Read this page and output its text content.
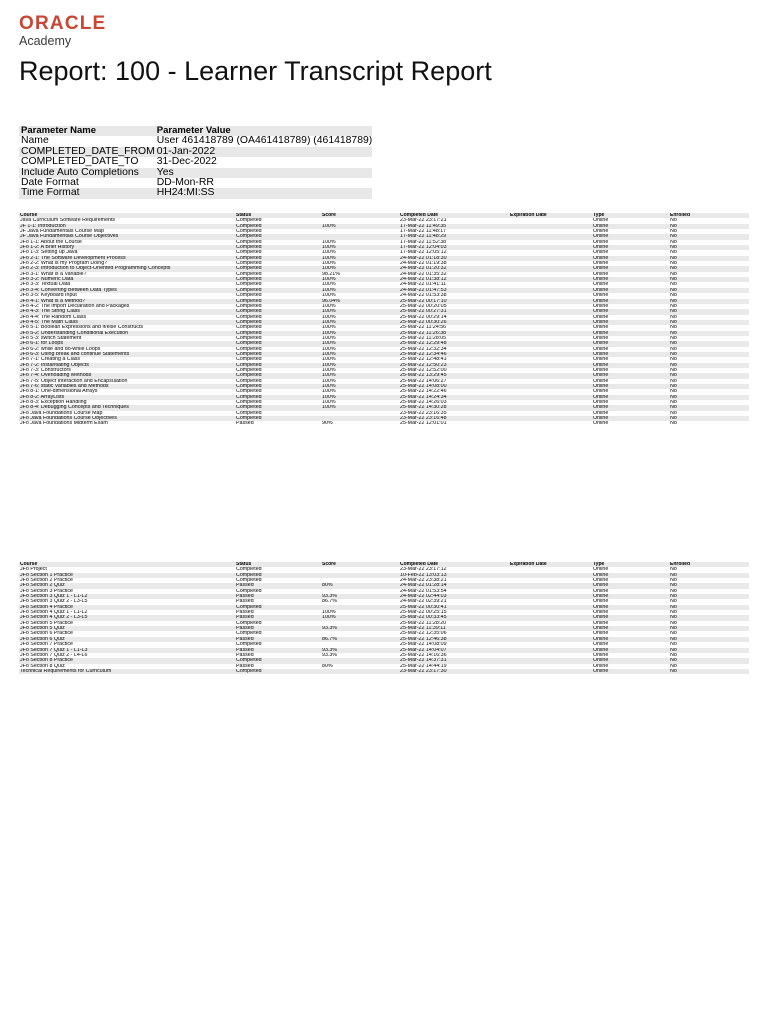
ORACLE
Academy
Report: 100 - Learner Transcript Report
Parameter Name	Parameter Value
Name	User 461418789 (OA461418789) (461418789)
COMPLETED_DATE_FROM	01-Jan-2022
COMPLETED_DATE_TO	31-Dec-2022
Include Auto Completions	Yes
Date Format	DD-Mon-RR
Time Format	HH24:MI:SS
Course	Status	Score	Completed Date	Expiration Date	Type	Enrolled
Java Curriculum Software Requirements	Completed		23-Mar-22 23:17:21		Online	No
JF 1-1: Introduction	Completed	100%	17-Mar-22 11:49:35		Online	No
JF Java Fundamentals Course Map	Completed		17-Mar-22 11:48:17		Online	No
JF Java Fundamentals Course Objectives	Completed		17-Mar-22 11:48:29		Online	No
JFo 1-1: About the Course	Completed	100%	17-Mar-22 11:52:38		Online	No
JFo 1-2: A Brief History	Completed	100%	17-Mar-22 12:04:03		Online	No
JFo 1-3: Setting up Java	Completed	100%	17-Mar-22 12:05:12		Online	No
JFo 2-1: The Software Development Process	Completed	100%	24-Mar-22 01:18:30		Online	No
JFo 2-2: What is my Program Doing?	Completed	100%	24-Mar-22 01:19:38		Online	No
JFo 2-3: Introduction to Object-Oriented Programming Concepts	Completed	100%	24-Mar-22 01:20:32		Online	No
JFo 3-1: What is a Variable?	Completed	98.21%	24-Mar-22 01:35:32		Online	No
JFo 3-2: Numeric Data	Completed	100%	24-Mar-22 01:38:12		Online	No
JFo 3-3: Textual Data	Completed	100%	24-Mar-22 01:41:11		Online	No
JFo 3-4: Converting Between Data Types	Completed	100%	24-Mar-22 01:47:53		Online	No
JFo 3-5: Keyboard Input	Completed	100%	24-Mar-22 01:53:38		Online	No
JFo 4-1: What is a Method?	Completed	96.04%	25-Mar-22 00:17:10		Online	No
JFo 4-2: The import Declaration and Packages	Completed	100%	25-Mar-22 00:20:05		Online	No
JFo 4-3: The String Class	Completed	100%	25-Mar-22 00:27:31		Online	No
JFo 4-4: The Random Class	Completed	100%	25-Mar-22 00:29:14		Online	No
JFo 4-5: The Math Class	Completed	100%	25-Mar-22 00:30:26		Online	No
JFo 5-1: Boolean Expressions and if/else Constructs	Completed	100%	25-Mar-22 11:24:56		Online	No
JFo 5-2: Understanding Conditional Execution	Completed	100%	25-Mar-22 11:26:38		Online	No
JFo 5-3: switch Statement	Completed	100%	25-Mar-22 11:28:05		Online	No
JFo 6-1: for Loops	Completed	100%	25-Mar-22 12:29:48		Online	No
JFo 6-2: while and do-while Loops	Completed	100%	25-Mar-22 12:32:34		Online	No
JFo 6-3: Using break and continue Statements	Completed	100%	25-Mar-22 12:34:46		Online	No
JFo 7-1: Creating a Class	Completed	100%	25-Mar-22 12:48:41		Online	No
JFo 7-2: Instantiating Objects	Completed	100%	25-Mar-22 12:50:23		Online	No
JFo 7-3: Constructors	Completed	100%	25-Mar-22 12:52:00		Online	No
JFo 7-4: Overloading Methods	Completed	100%	25-Mar-22 13:29:45		Online	No
JFo 7-5: Object Interaction and Encapsulation	Completed	100%	25-Mar-22 14:06:27		Online	No
JFo 7-6: static Variables and Methods	Completed	100%	25-Mar-22 14:08:00		Online	No
JFo 8-1: One-dimensional Arrays	Completed	100%	25-Mar-22 14:22:46		Online	No
JFo 8-2: ArrayLists	Completed	100%	25-Mar-22 14:24:34		Online	No
JFo 8-3: Exception Handling	Completed	100%	25-Mar-22 14:26:03		Online	No
JFo 8-4: Debugging Concepts and Techniques	Completed	100%	25-Mar-22 14:30:28		Online	No
JFo Java Foundations Course Map	Completed		23-Mar-22 23:16:35		Online	No
JFo Java Foundations Course Objectives	Completed		23-Mar-22 23:16:48		Online	No
JFo Java Foundations Midterm Exam	Passed	90%	25-Mar-22 12:01:01		Online	No
Course	Status	Score	Completed Date	Expiration Date	Type	Enrolled
JFo Project	Completed		23-Mar-22 23:17:12		Online	No
JFo Section 1 Practice	Completed		10-Feb-22 13:03:13		Online	No
JFo Section 2 Practice	Completed		24-Mar-22 23:38:21		Online	No
JFo Section 2 Quiz	Passed	80%	24-Mar-22 01:28:14		Online	No
JFo Section 3 Practice	Completed		24-Mar-22 01:53:54		Online	No
JFo Section 3 Quiz 1 - L1-L2	Passed	93.3%	24-Mar-22 02:44:03		Online	No
JFo Section 3 Quiz 2 - L3-L5	Passed	86.7%	24-Mar-22 02:39:21		Online	No
JFo Section 4 Practice	Completed		25-Mar-22 00:30:41		Online	No
JFo Section 4 Quiz 1 - L1-L2	Passed	100%	25-Mar-22 00:25:15		Online	No
JFo Section 4 Quiz 2 - L3-L5	Passed	100%	25-Mar-22 00:33:45		Online	No
JFo Section 5 Practice	Completed		25-Mar-22 11:28:20		Online	No
JFo Section 5 Quiz	Passed	93.3%	25-Mar-22 11:39:11		Online	No
JFo Section 6 Practice	Completed		25-Mar-22 12:35:06		Online	No
JFo Section 6 Quiz	Passed	86.7%	25-Mar-22 12:46:38		Online	No
JFo Section 7 Practice	Completed		25-Mar-22 14:08:09		Online	No
JFo Section 7 Quiz 1 - L1-L3	Passed	93.3%	25-Mar-22 14:04:07		Online	No
JFo Section 7 Quiz 2 - L4-L6	Passed	93.3%	25-Mar-22 14:16:36		Online	No
JFo Section 8 Practice	Completed		25-Mar-22 14:37:31		Online	No
JFo Section 8 Quiz	Passed	80%	25-Mar-22 14:44:19		Online	No
Technical Requirements for Curriculum	Completed		23-Mar-22 23:17:30		Online	No
